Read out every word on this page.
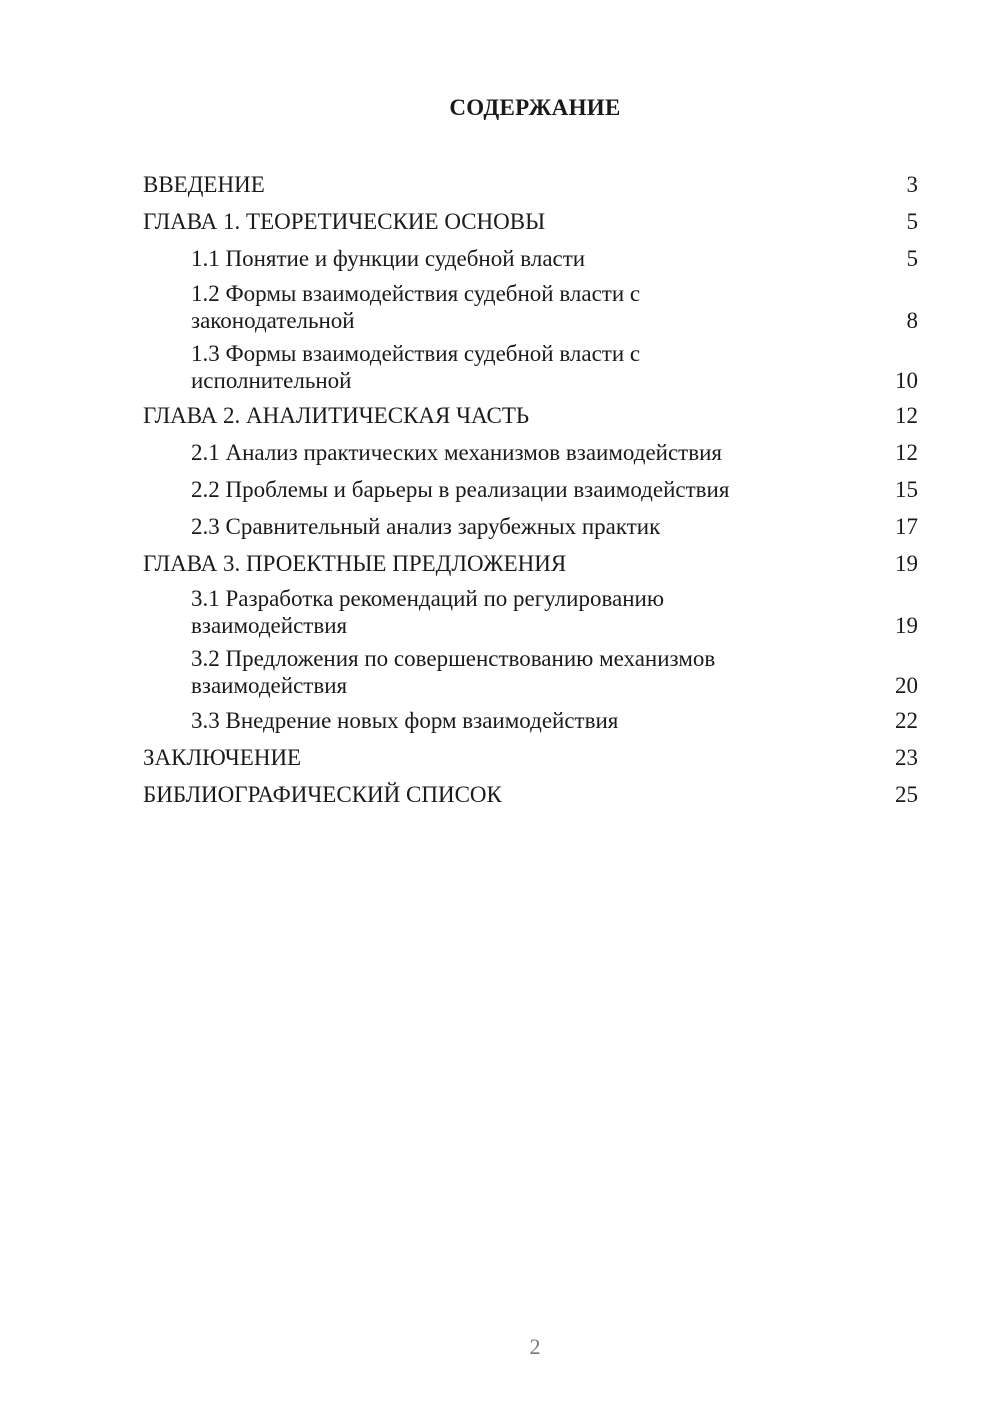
СОДЕРЖАНИЕ
ВВЕДЕНИЕ	3
ГЛАВА 1. ТЕОРЕТИЧЕСКИЕ ОСНОВЫ	5
1.1 Понятие и функции судебной власти	5
1.2 Формы взаимодействия судебной власти с законодательной	8
1.3 Формы взаимодействия судебной власти с исполнительной	10
ГЛАВА 2. АНАЛИТИЧЕСКАЯ ЧАСТЬ	12
2.1 Анализ практических механизмов взаимодействия	12
2.2 Проблемы и барьеры в реализации взаимодействия	15
2.3 Сравнительный анализ зарубежных практик	17
ГЛАВА 3. ПРОЕКТНЫЕ ПРЕДЛОЖЕНИЯ	19
3.1 Разработка рекомендаций по регулированию взаимодействия	19
3.2 Предложения по совершенствованию механизмов взаимодействия	20
3.3 Внедрение новых форм взаимодействия	22
ЗАКЛЮЧЕНИЕ	23
БИБЛИОГРАФИЧЕСКИЙ СПИСОК	25
2
